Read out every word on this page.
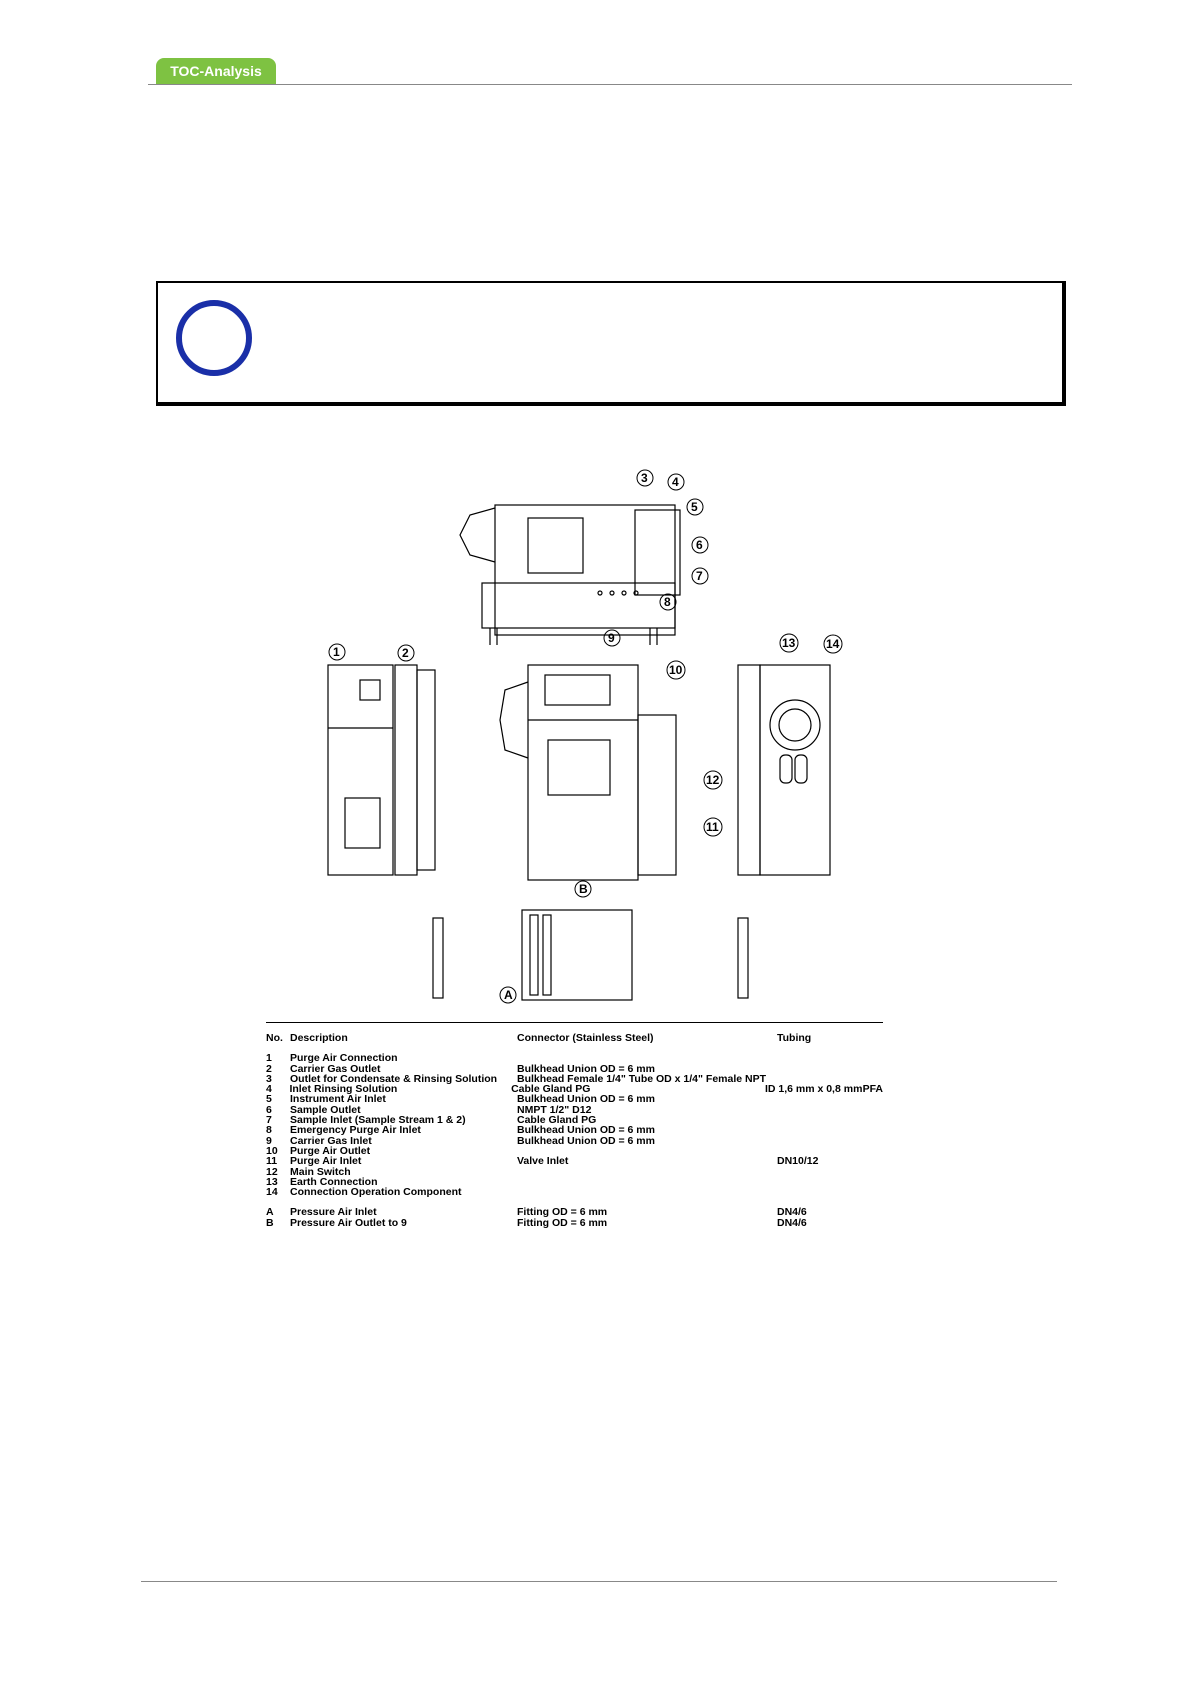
TOC-Analysis
3 4
5
6
7
8
9
1	2
10
13	14
12
11
B
A
No. Description	Connector (Stainless Steel)	Tubing
1	Purge Air Connection
2	Carrier Gas Outlet	Bulkhead Union OD = 6 mm
3	Outlet for Condensate & Rinsing Solution	Bulkhead Female 1/4" Tube OD x 1/4" Female NPT
4	Inlet Rinsing Solution	Cable Gland PG	ID 1,6 mm x 0,8 mm PFA
5	Instrument Air Inlet	Bulkhead Union OD = 6 mm
6	Sample Outlet	NMPT 1/2" D12
7	Sample Inlet (Sample Stream 1 & 2)	Cable Gland PG
8	Emergency Purge Air Inlet	Bulkhead Union OD = 6 mm
9	Carrier Gas Inlet	Bulkhead Union OD = 6 mm
10	Purge Air Outlet
11	Purge Air Inlet	Valve Inlet	DN10/12
12	Main Switch
13	Earth Connection
14	Connection Operation Component
A	Pressure Air Inlet	Fitting OD = 6 mm	DN4/6
B	Pressure Air Outlet to 9	Fitting OD = 6 mm	DN4/6
